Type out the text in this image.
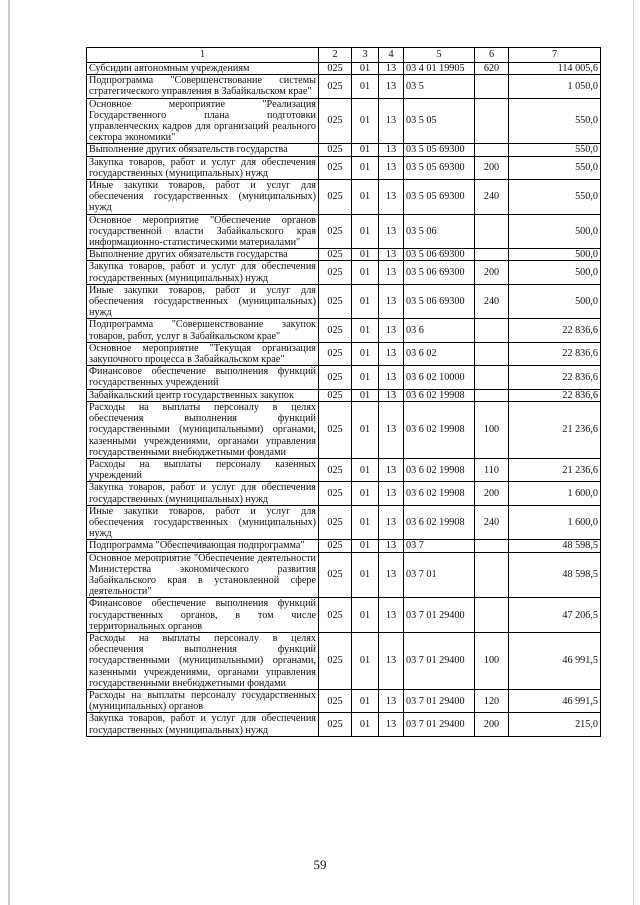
1	2	3	4	5	6	7
Субсидии автономным учреждениям	025	01	13	03 4 01 19905	620	114 005,6
Подпрограмма "Совершенствование системы стратегического управления в Забайкальском крае"	025	01	13	03 5		1 050,0
Основное мероприятие "Реализация Государственного плана подготовки управленческих кадров для организаций реального сектора экономики"	025	01	13	03 5 05		550,0
Выполнение других обязательств государства	025	01	13	03 5 05 69300		550,0
Закупка товаров, работ и услуг для обеспечения государственных (муниципальных) нужд	025	01	13	03 5 05 69300	200	550,0
Иные закупки товаров, работ и услуг для обеспечения государственных (муниципальных) нужд	025	01	13	03 5 05 69300	240	550,0
Основное мероприятие "Обеспечение органов государственной власти Забайкальского края информационно-статистическими материалами"	025	01	13	03 5 06		500,0
Выполнение других обязательств государства	025	01	13	03 5 06 69300		500,0
Закупка товаров, работ и услуг для обеспечения государственных (муниципальных) нужд	025	01	13	03 5 06 69300	200	500,0
Иные закупки товаров, работ и услуг для обеспечения государственных (муниципальных) нужд	025	01	13	03 5 06 69300	240	500,0
Подпрограмма "Совершенствование закупок товаров, работ, услуг в Забайкальском крае"	025	01	13	03 6		22 836,6
Основное мероприятие "Текущая организация закупочного процесса в Забайкальском крае"	025	01	13	03 6 02		22 836,6
Финансовое обеспечение выполнения функций государственных учреждений	025	01	13	03 6 02 10000		22 836,6
Забайкальский центр государственных закупок	025	01	13	03 6 02 19908		22 836,6
Расходы на выплаты персоналу в целях обеспечения выполнения функций государственными (муниципальными) органами, казенными учреждениями, органами управления государственными внебюджетными фондами	025	01	13	03 6 02 19908	100	21 236,6
Расходы на выплаты персоналу казенных учреждений	025	01	13	03 6 02 19908	110	21 236,6
Закупка товаров, работ и услуг для обеспечения государственных (муниципальных) нужд	025	01	13	03 6 02 19908	200	1 600,0
Иные закупки товаров, работ и услуг для обеспечения государственных (муниципальных) нужд	025	01	13	03 6 02 19908	240	1 600,0
Подпрограмма "Обеспечивающая подпрограмма"	025	01	13	03 7		48 598,5
Основное мероприятие "Обеспечение деятельности Министерства экономического развития Забайкальского края в установленной сфере деятельности"	025	01	13	03 7 01		48 598,5
Финансовое обеспечение выполнения функций государственных органов, в том числе территориальных органов	025	01	13	03 7 01 29400		47 206,5
Расходы на выплаты персоналу в целях обеспечения выполнения функций государственными (муниципальными) органами, казенными учреждениями, органами управления государственными внебюджетными фондами	025	01	13	03 7 01 29400	100	46 991,5
Расходы на выплаты персоналу государственных (муниципальных) органов	025	01	13	03 7 01 29400	120	46 991,5
Закупка товаров, работ и услуг для обеспечения государственных (муниципальных) нужд	025	01	13	03 7 01 29400	200	215,0
59
